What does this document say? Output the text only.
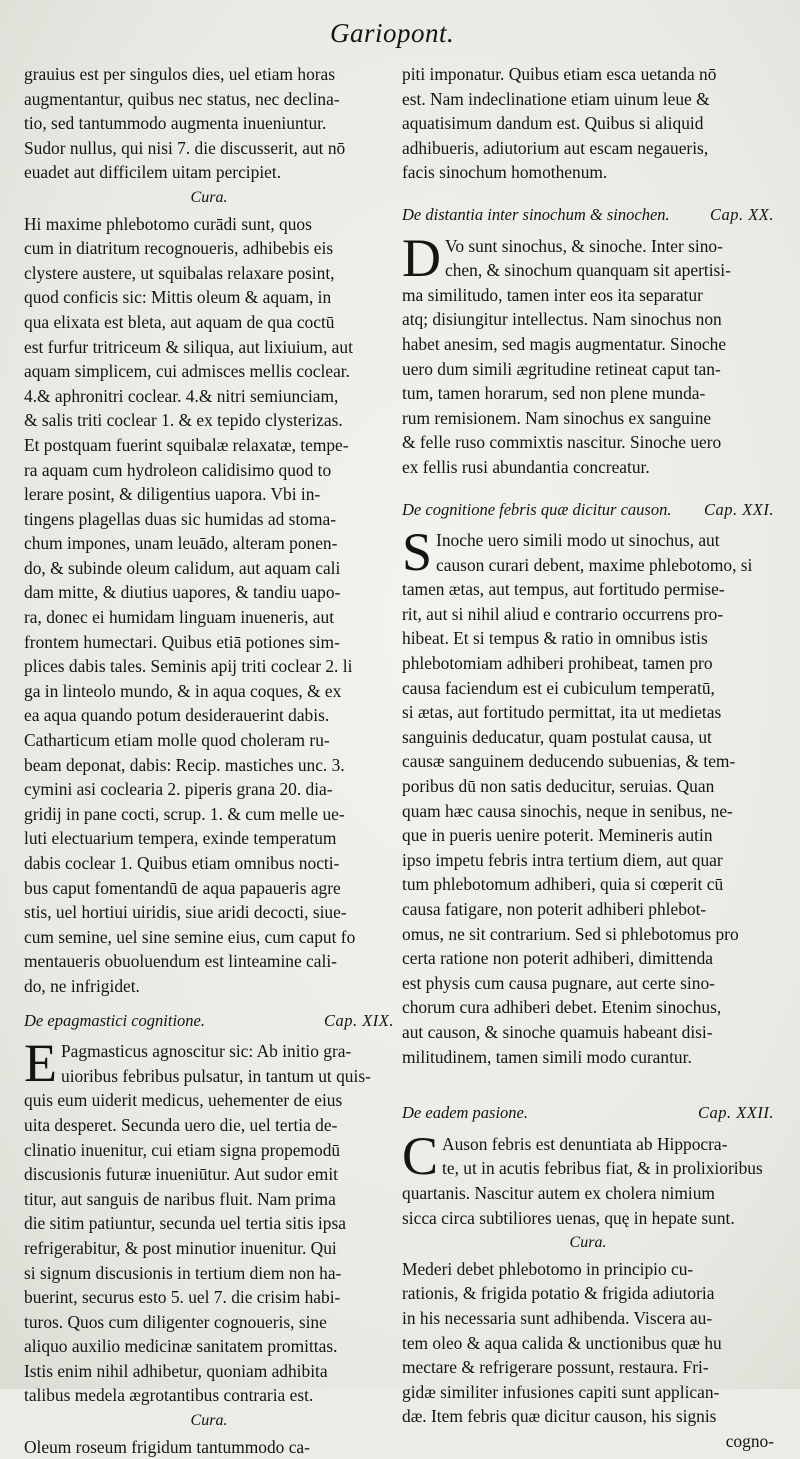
Gariopont.

grauius est per singulos dies, uel etiam horas
augmentantur, quibus nec status, nec declina-
tio, sed tantummodo augmenta inueniuntur.
Sudor nullus, qui nisi 7. die discusserit, aut nō
euadet aut difficilem uitam percipiet.

Cura.

Hi maxime phlebotomo curādi sunt, quos
cum in diatritum recognoueris, adhibebis eis
clystere austere, ut squibalas relaxare posint,
quod conficis sic: Mittis oleum & aquam, in
qua elixata est bleta, aut aquam de qua coctū
est furfur tritriceum & siliqua, aut lixiuium, aut
aquam simplicem, cui admisces mellis coclear.
4.& aphronitri coclear. 4.& nitri semiunciam,
& salis triti coclear 1. & ex tepido clysterizas.
Et postquam fuerint squibalæ relaxatæ, tempe-
ra aquam cum hydroleon calidisimo quod to
lerare posint, & diligentius uapora. Vbi in-
tingens plagellas duas sic humidas ad stoma-
chum impones, unam leuādo, alteram ponen-
do, & subinde oleum calidum, aut aquam cali
dam mitte, & diutius uapores, & tandiu uapo-
ra, donec ei humidam linguam inueneris, aut
frontem humectari. Quibus etiā potiones sim-
plices dabis tales. Seminis apij triti coclear 2. li
ga in linteolo mundo, & in aqua coques, & ex
ea aqua quando potum desiderauerint dabis.
Catharticum etiam molle quod choleram ru-
beam deponat, dabis: Recip. mastiches unc. 3.
cymini asi coclearia 2. piperis grana 20. dia-
gridij in pane cocti, scrup. 1. & cum melle ue-
luti electuarium tempera, exinde temperatum
dabis coclear 1. Quibus etiam omnibus nocti-
bus caput fomentandū de aqua papaueris agre
stis, uel hortiui uiridis, siue aridi decocti, siue-
cum semine, uel sine semine eius, cum caput fo
mentaueris obuoluendum est linteamine cali-
do, ne infrigidet.

De epagmastici cognitione.	Cap. XIX.

E Pagmasticus agnoscitur sic: Ab initio gra-
uioribus febribus pulsatur, in tantum ut quis-
quis eum uiderit medicus, uehementer de eius
uita desperet. Secunda uero die, uel tertia de-
clinatio inuenitur, cui etiam signa propemodū
discusionis futuræ inueniūtur. Aut sudor emit
titur, aut sanguis de naribus fluit. Nam prima
die sitim patiuntur, secunda uel tertia sitis ipsa
refrigerabitur, & post minutior inuenitur. Qui
si signum discusionis in tertium diem non ha-
buerint, securus esto 5. uel 7. die crisim habi-
turos. Quos cum diligenter cognoueris, sine
aliquo auxilio medicinæ sanitatem promittas.
Istis enim nihil adhibetur, quoniam adhibita
talibus medela ægrotantibus contraria est.

Cura.

Oleum roseum frigidum tantummodo ca-

piti imponatur. Quibus etiam esca uetanda nō
est. Nam indeclinatione etiam uinum leue &
aquatisimum dandum est. Quibus si aliquid
adhibueris, adiutorium aut escam negaueris,
facis sinochum homothenum.

De distantia inter sinochum & sinochen. Cap. XX.

D Vo sunt sinochus, & sinoche. Inter sino-
chen, & sinochum quanquam sit apertisi-
ma similitudo, tamen inter eos ita separatur
atq; disiungitur intellectus. Nam sinochus non
habet anesim, sed magis augmentatur. Sinoche
uero dum simili ægritudine retineat caput tan-
tum, tamen horarum, sed non plene munda-
rum remisionem. Nam sinochus ex sanguine
& felle ruso commixtis nascitur. Sinoche uero
ex fellis rusi abundantia concreatur.

De cognitione febris quæ dicitur causon. Cap. XXI.

S Inoche uero simili modo ut sinochus, aut
causon curari debent, maxime phlebotomo, si
tamen ætas, aut tempus, aut fortitudo permise-
rit, aut si nihil aliud e contrario occurrens pro-
hibeat. Et si tempus & ratio in omnibus istis
phlebotomiam adhiberi prohibeat, tamen pro
causa faciendum est ei cubiculum temperatū,
si ætas, aut fortitudo permittat, ita ut medietas
sanguinis deducatur, quam postulat causa, ut
causæ sanguinem deducendo subuenias, & tem-
poribus dū non satis deducitur, seruias. Quan
quam hæc causa sinochis, neque in senibus, ne-
que in pueris uenire poterit. Memineris autin
ipso impetu febris intra tertium diem, aut quar
tum phlebotomum adhiberi, quia si cœperit cū
causa fatigare, non poterit adhiberi phlebot-
omus, ne sit contrarium. Sed si phlebotomus pro
certa ratione non poterit adhiberi, dimittenda
est physis cum causa pugnare, aut certe sino-
chorum cura adhiberi debet. Etenim sinochus,
aut causon, & sinoche quamuis habeant disi-
militudinem, tamen simili modo curantur.

De eadem pasione.	Cap. XXII.

C Auson febris est denuntiata ab Hippocra-
te, ut in acutis febribus fiat, & in prolixioribus
quartanis. Nascitur autem ex cholera nimium
sicca circa subtiliores uenas, quę in hepate sunt.

Cura.

Mederi debet phlebotomo in principio cu-
rationis, & frigida potatio & frigida adiutoria
in his necessaria sunt adhibenda. Viscera au-
tem oleo & aqua calida & unctionibus quæ hu
mectare & refrigerare possunt, restaura. Fri-
gidæ similiter infusiones capiti sunt applican-
dæ. Item febris quæ dicitur causon, his signis
cogno-
